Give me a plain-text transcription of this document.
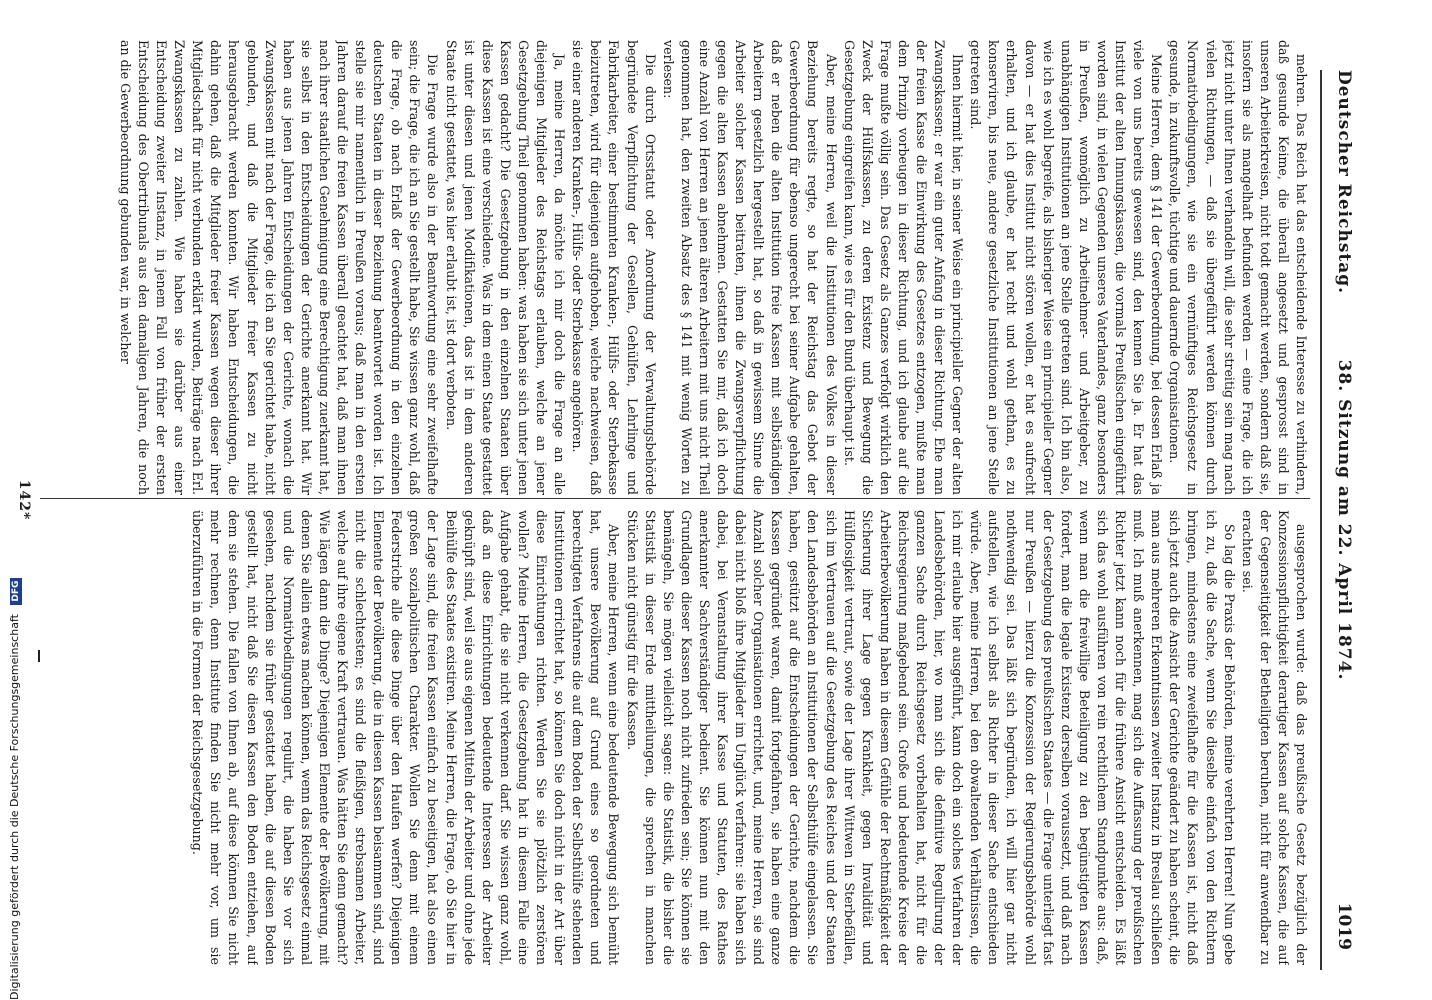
Deutscher Reichstag.
38. Sitzung am 22. April 1874.
1019

mehren. Das Reich hat das entscheidende Interesse zu verhindern, daß gesunde Keime, die überall angesetzt und gesprosst sind in unseren Arbeiterkreisen, nicht todt gemacht werden, sondern daß sie, insofern sie als mangelhaft befunden werden — eine Frage, die ich jetzt nicht unter Ihnen verhandeln will, die sehr streitig sein mag nach vielen Richtungen, — daß sie übergeführt werden können durch Normativbedingungen, wie sie ein vernünftiges Reichsgesetz in gesunde, in zukunftsvolle, tüchtige und dauernde Organisationen.

Meine Herren, dem § 141 der Gewerbeordnung, bei dessen Erlaß ja viele von uns bereits gewesen sind, den kennen Sie ja. Er hat das Institut der alten Innungskassen, die vormals Preußischen eingeführt worden sind, in vielen Gegenden unseres Vaterlandes, ganz besonders in Preußen, womöglich zu Arbeitnehmer- und Arbeitgeber, zu unabhängigen Institutionen an jene Stelle getreten sind. Ich bin also, wie ich es wohl begreife, als bisheriger Weise ein principieller Gegner davon — er hat dies Institut nicht stören wollen, er hat es aufrecht erhalten, und ich glaube, er hat recht und wohl gethan, es zu konserviren, bis neue, andere gesetzliche Institutionen an jene Stelle getreten sind.

Ihnen hiermit hier, in seiner Weise ein principieller Gegner der alten Zwangskassen; er war ein guter Anfang in dieser Richtung. Ehe man der freien Kasse die Einwirkung des Gesetzes entzogen, mußte man dem Prinzip vorbeugen in dieser Richtung, und ich glaube auf die Frage mußte völlig sein. Das Gesetz als Ganzes verfolgt wirklich den Zweck der Hülfskassen, zu deren Existenz und Bewegung die Gesetzgebung eingreifen kann, wie es für den Bund überhaupt ist.

Aber, meine Herren, weil die Institutionen des Volkes in dieser Beziehung bereits regte, so hat der Reichstag das Gebot der Gewerbeordnung für ebenso ungerecht bei seiner Aufgabe gehalten, daß er neben die alten Institution freie Kassen mit selbständigen Arbeitern gesetzlich hergestellt hat, so daß in gewissem Sinne die Arbeiter solcher Kassen beitraten, ihnen die Zwangsverpflichtung gegen die alten Kassen abnehmen. Gestatten Sie mir, daß ich doch eine Anzahl von Herren an jenen älteren Arbeitern mit uns nicht Theil genommen hat, den zweiten Absatz des § 141 mit wenig Worten zu verlesen:

Die durch Ortsstatut oder Anordnung der Verwaltungsbehörde begründete Verpflichtung der Gesellen, Gehülfen, Lehrlinge und Fabrikarbeiter, einer bestimmten Kranken-, Hülfs- oder Sterbekasse beizutreten, wird für diejenigen aufgehoben, welche nachweisen, daß sie einer anderen Kranken-, Hülfs- oder Sterbekasse angehören.

Ja, meine Herren, da möchte ich mir doch die Frage an alle diejenigen Mitglieder des Reichstags erlauben, welche an jener Gesetzgebung Theil genommen haben: was haben sie sich unter jenen Kassen gedacht? Die Gesetzgebung in den einzelnen Staaten über diese Kassen ist eine verschiedene. Was in dem einen Staate gestattet ist unter diesen und jenen Modifikationen, das ist in dem anderen Staate nicht gestattet, was hier erlaubt ist, ist dort verboten.

Die Frage wurde also in der Beantwortung eine sehr zweifelhafte sein; die Frage, die ich an Sie gestellt habe, Sie wissen ganz wohl, daß die Frage, ob nach Erlaß der Gewerbeordnung in den einzelnen deutschen Staaten in dieser Beziehung beantwortet worden ist. Ich stelle sie mir namentlich in Preußen voraus; daß man in den ersten Jahren darauf die freien Kassen überall geachtet hat, daß man ihnen nach ihrer staatlichen Genehmigung eine Berechtigung zuerkannt hat, sie selbst in den Entscheidungen der Gerichte anerkannt hat. Wir haben aus jenen Jahren Entscheidungen der Gerichte, wonach die Zwangskassen mit nach der Frage, die ich an Sie gerichtet habe, nicht gebunden, und daß die Mitglieder freier Kassen zu nicht herausgebracht werden konnten. Wir haben Entscheidungen, die dahin gehen, daß die Mitglieder freier Kassen wegen dieser ihrer Mitgliedschaft für nicht verbunden erklärt wurden, Beiträge nach Erl. Zwangskassen zu zahlen. Wie haben sie darüber aus einer Entscheidung zweiter Instanz, in jenem Fall von früher der ersten Entscheidung des Obertribunals aus den damaligen Jahren, die noch an die Gewerbeordnung gebunden war, in welcher

ausgesprochen wurde: daß das preußische Gesetz bezüglich der Konzessionspflichtigkeit derartiger Kassen auf solche Kassen, die auf der Gegenseitigkeit der Betheiligten beruhen, nicht für anwendbar zu erachten sei.

So lag die Praxis der Behörden, meine verehrten Herren! Nun gebe ich zu, daß die Sache, wenn Sie dieselbe einfach von den Richtern bringen, mindestens eine zweifelhafte für die Kassen ist, nicht daß sich jetzt auch die Ansicht der Gerichte geändert zu haben scheint, die man aus mehreren Erkenntnissen zweiter Instanz in Breslau schließen muß. Ich muß anerkennen, mag sich die Auffassung der preußischen Richter jetzt kann noch für die frühere Ansicht entscheiden. Es läßt sich das wohl ausführen von rein rechtlichem Standpunkte aus: daß, wenn man die freiwillige Beteiligung zu den begünstigten Kassen fordert, man die legale Existenz derselben voraussetzt, und daß nach der Gesetzgebung des preußischen Staates — die Frage unterliegt fast nur Preußen — hierzu die Konzession der Regierungsbehörde wohl nothwendig sei. Das läßt sich begründen, ich will hier gar nicht aufstellen, wie ich selbst als Richter in dieser Sache entschieden würde. Aber, meine Herren, bei den obwaltenden Verhältnissen, die ich mir erlaube hier ausgeführt, kann doch ein solches Verfahren der Landesbehörden, hier, wo man sich die definitive Regulirung der ganzen Sache durch Reichsgesetz vorbehalten hat, nicht für die Reichsregierung maßgebend sein. Große und bedeutende Kreise der Arbeiterbevölkerung haben in diesem Gefühle der Rechtmäßigkeit der Sicherung ihrer Lage gegen Krankheit, gegen Invalidität und Hülflosigkeit vertraut, sowie der Lage ihrer Wittwen in Sterbefällen, sich im Vertrauen auf die Gesetzgebung des Reiches und der Staaten den Landesbehörden an Institutionen der Selbsthülfe eingelassen. Sie haben, gestützt auf die Entscheidungen der Gerichte, nachdem die Kassen gegründet waren, damit fortgefahren, sie haben eine ganze Anzahl solcher Organisationen errichtet, und, meine Herren, sie sind dabei nicht bloß ihre Mitglieder im Unglück verfahren: sie haben sich dabei, bei Veranstaltung ihrer Kasse und Statuten, des Rathes anerkannter Sachverständiger bedient. Sie können nun mit den Grundlagen dieser Kassen noch nicht zufrieden sein; Sie können sie bemängeln, Sie mögen vielleicht sagen: die Statistik, die bisher die Statistik in dieser Erde mittheilungen, die sprechen in manchen Stücken nicht günstig für die Kassen.

Aber, meine Herren, wenn eine bedeutende Bewegung sich bemüht hat, unsere Bevölkerung auf Grund eines so geordneten und berechtigten Verfahrens die auf dem Boden der Selbsthülfe stehenden Institutionen errichtet hat, so können Sie doch nicht in der Art über diese Einrichtungen richten. Werden Sie sie plötzlich zerstören wollen? Meine Herren, die Gesetzgebung hat in diesem Falle eine Aufgabe gehabt, die sie nicht verkennen darf. Sie wissen ganz wohl, daß an diese Einrichtungen bedeutende Interessen der Arbeiter geknüpft sind, weil sie aus eigenen Mitteln der Arbeiter und ohne jede Beihülfe des Staates existiren. Meine Herren, die Frage, ob Sie hier in der Lage sind, die freien Kassen einfach zu beseitigen, hat also einen großen sozialpolitischen Charakter. Wollen Sie denn mit einem Federstriche alle diese Dinge über den Haufen werfen? Diejenigen Elemente der Bevölkerung, die in diesen Kassen beisammen sind, sind nicht die schlechtesten; es sind die fleißigen, strebsamen Arbeiter, welche auf ihre eigene Kraft vertrauen. Was hätten Sie denn gemacht? Wie lägen dann die Dinge? Diejenigen Elemente der Bevölkerung, mit denen Sie allein etwas machen können, wenn das Reichsgesetz einmal und die Normativbedingungen regulirt, die haben Sie vor sich gesehen, nachdem sie früher gestattet haben, die auf diesen Boden gestellt hat, nicht daß Sie diesen Kassen den Boden entziehen, auf dem sie stehen. Die fallen von Ihnen ab, auf diese können Sie nicht mehr rechnen, denn Institute finden Sie nicht mehr vor, um sie überzuführen in die Formen der Reichsgesetzgebung.

142*
Digitalisierung gefördert durch die Deutsche Forschungsgemeinschaft DFG
